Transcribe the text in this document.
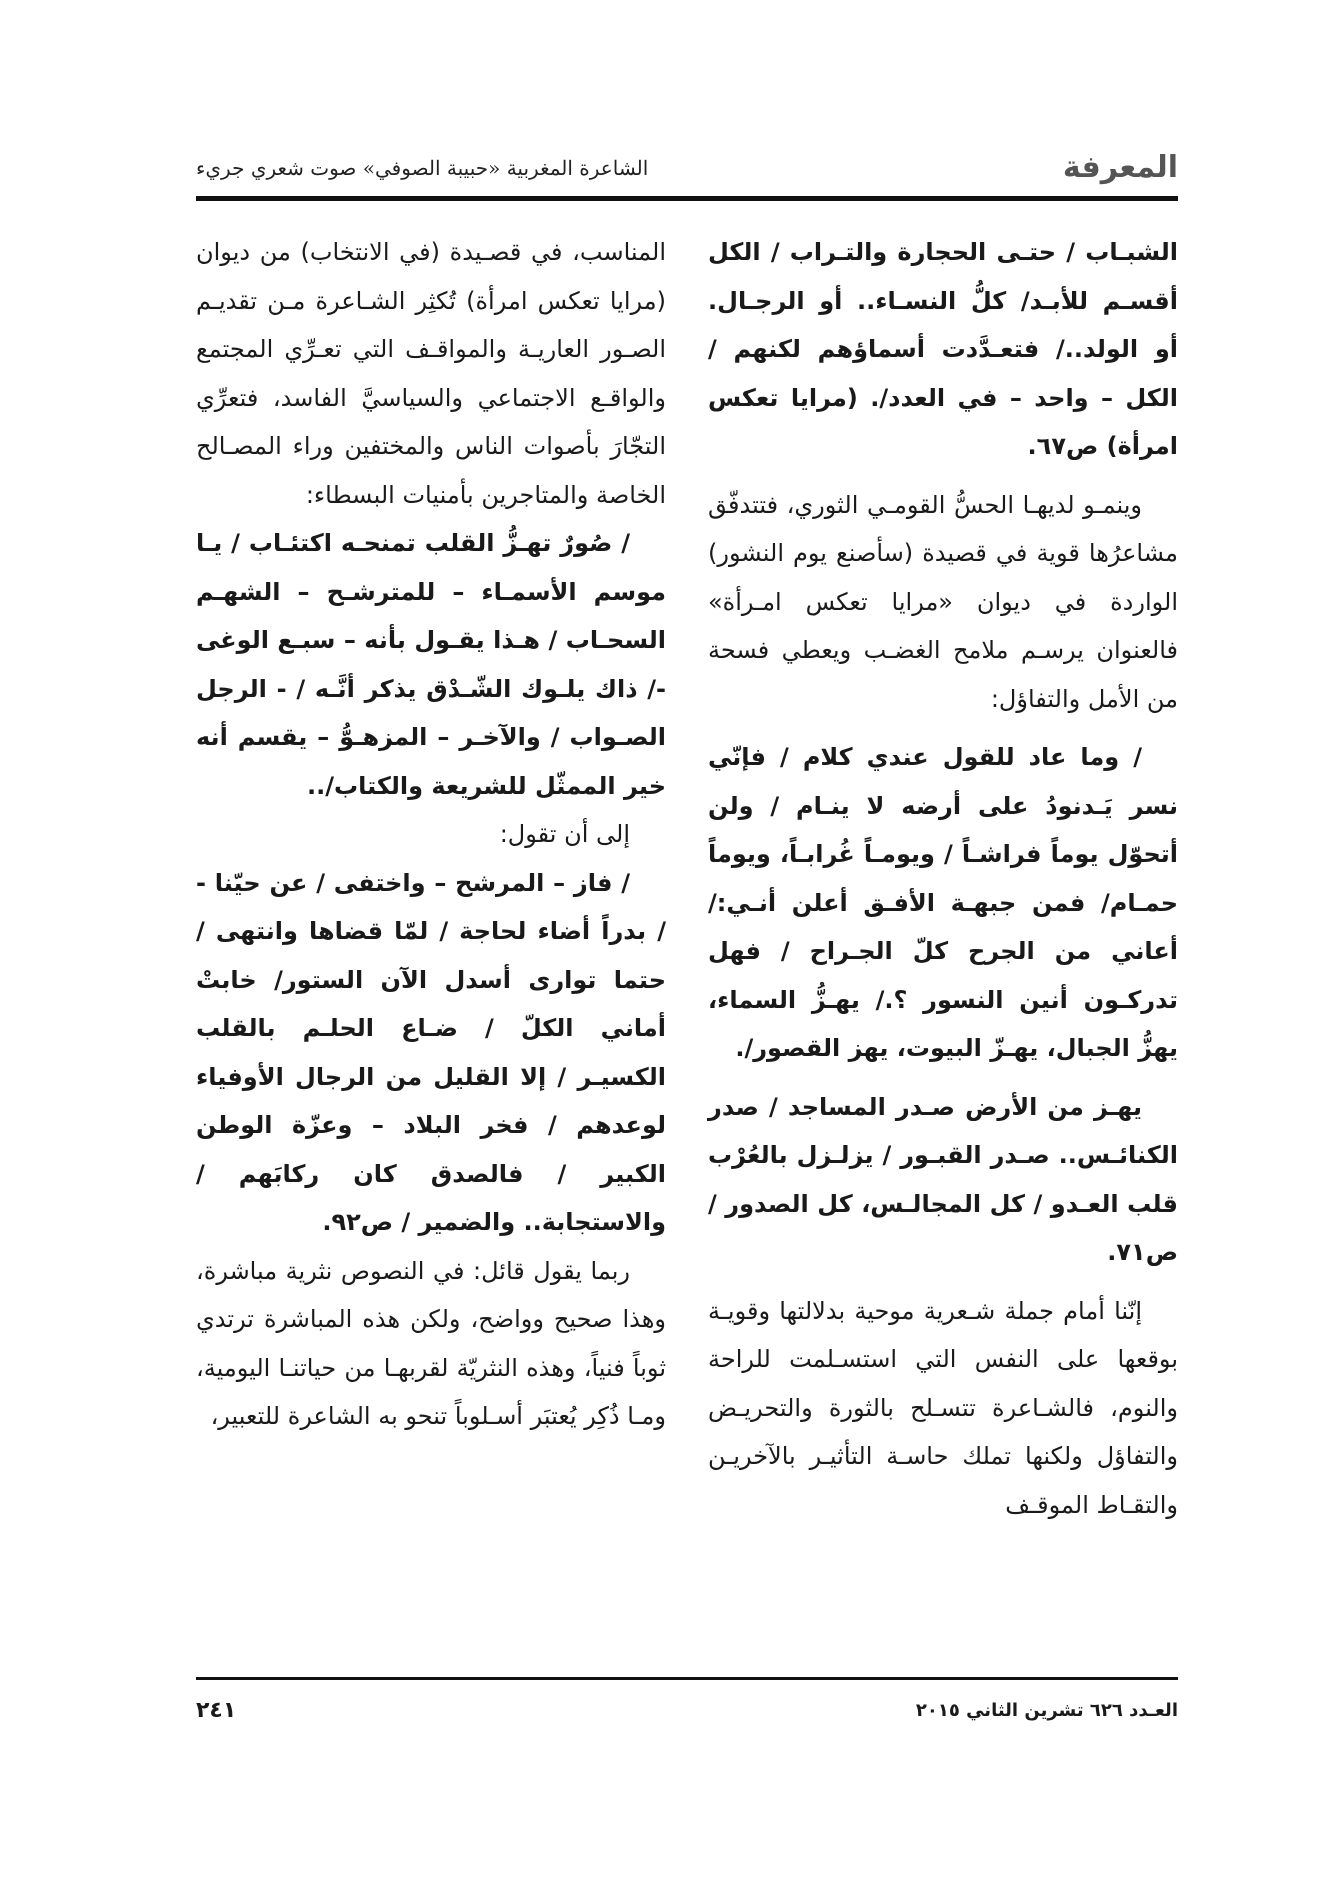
المعرفة
الشاعرة المغربية «حبيبة الصوفي» صوت شعري جريء

الشبـاب / حتـى الحجارة والتـراب / الكل أقسـم للأبـد/ كلُّ النسـاء.. أو الرجـال. أو الولد../ فتعـدَّدت أسماؤهم لكنهم / الكل – واحد – في العدد/. (مرايا تعكس امرأة) ص٦٧.

وينمـو لديهـا الحسُّ القومـي الثوري، فتتدفّق مشاعرُها قوية في قصيدة (سأصنع يوم النشور) الواردة في ديوان «مرايا تعكس امـرأة» فالعنوان يرسـم ملامح الغضـب ويعطي فسحة من الأمل والتفاؤل:

/ وما عاد للقول عندي كلام / فإنّي نسر يَـدنودُ على أرضه لا ينـام / ولن أتحوّل يوماً فراشـاً / ويومـاً غُرابـاً، ويوماً حمـام/ فمن جبهـة الأفـق أعلن أنـي:/ أعاني من الجرح كلّ الجـراح / فهل تدركـون أنين النسور ؟./ يهـزُّ السماء، يهزُّ الجبال، يهـزّ البيوت، يهز القصور/.

يهـز من الأرض صـدر المساجد / صدر الكنائـس.. صـدر القبـور / يزلـزل بالعُرْب قلب العـدو / كل المجالـس، كل الصدور / ص٧١.

إنّنا أمام جملة شـعرية موحية بدلالتها وقويـة بوقعها على النفس التي استسـلمت للراحة والنوم، فالشـاعرة تتسـلح بالثورة والتحريـض والتفاؤل ولكنها تملك حاسـة التأثيـر بالآخريـن والتقـاط الموقـف

المناسب، في قصـيدة (في الانتخاب) من ديوان (مرايا تعكس امرأة) تُكثِر الشـاعرة مـن تقديـم الصـور العاريـة والمواقـف التي تعـرِّي المجتمع والواقـع الاجتماعي والسياسيَّ الفاسد، فتعرِّي التجّارَ بأصوات الناس والمختفين وراء المصـالح الخاصة والمتاجرين بأمنيات البسطاء:

/ صُورٌ تهـزُّ القلب تمنحـه اكتئـاب / يـا موسم الأسمـاء – للمترشـح – الشهـم السحـاب / هـذا يقـول بأنه – سبـع الوغى -/ ذاك يلـوك الشّـدْق يذكر أنَّـه / - الرجل الصـواب / والآخـر – المزهـوُّ – يقسم أنه خير الممثّل للشريعة والكتاب/..

إلى أن تقول:

/ فاز – المرشح – واختفى / عن حيّنا - / بدراً أضاء لحاجة / لمّا قضاها وانتهى / حتما توارى أسدل الآن الستور/ خابتْ أماني الكلّ / ضـاع الحلـم بالقلب الكسيـر / إلا القليل من الرجال الأوفياء لوعدهم / فخر البلاد – وعزّة الوطن الكبير / فالصدق كان ركابَهم / والاستجابة.. والضمير / ص٩٢.

ربما يقول قائل: في النصوص نثرية مباشرة، وهذا صحيح وواضح، ولكن هذه المباشرة ترتدي ثوباً فنياً، وهذه النثريّة لقربهـا من حياتنـا اليومية، ومـا ذُكِر يُعتبَر أسـلوباً تنحو به الشاعرة للتعبير،

العـدد ٦٢٦ تشرين الثاني ٢٠١٥
٢٤١
